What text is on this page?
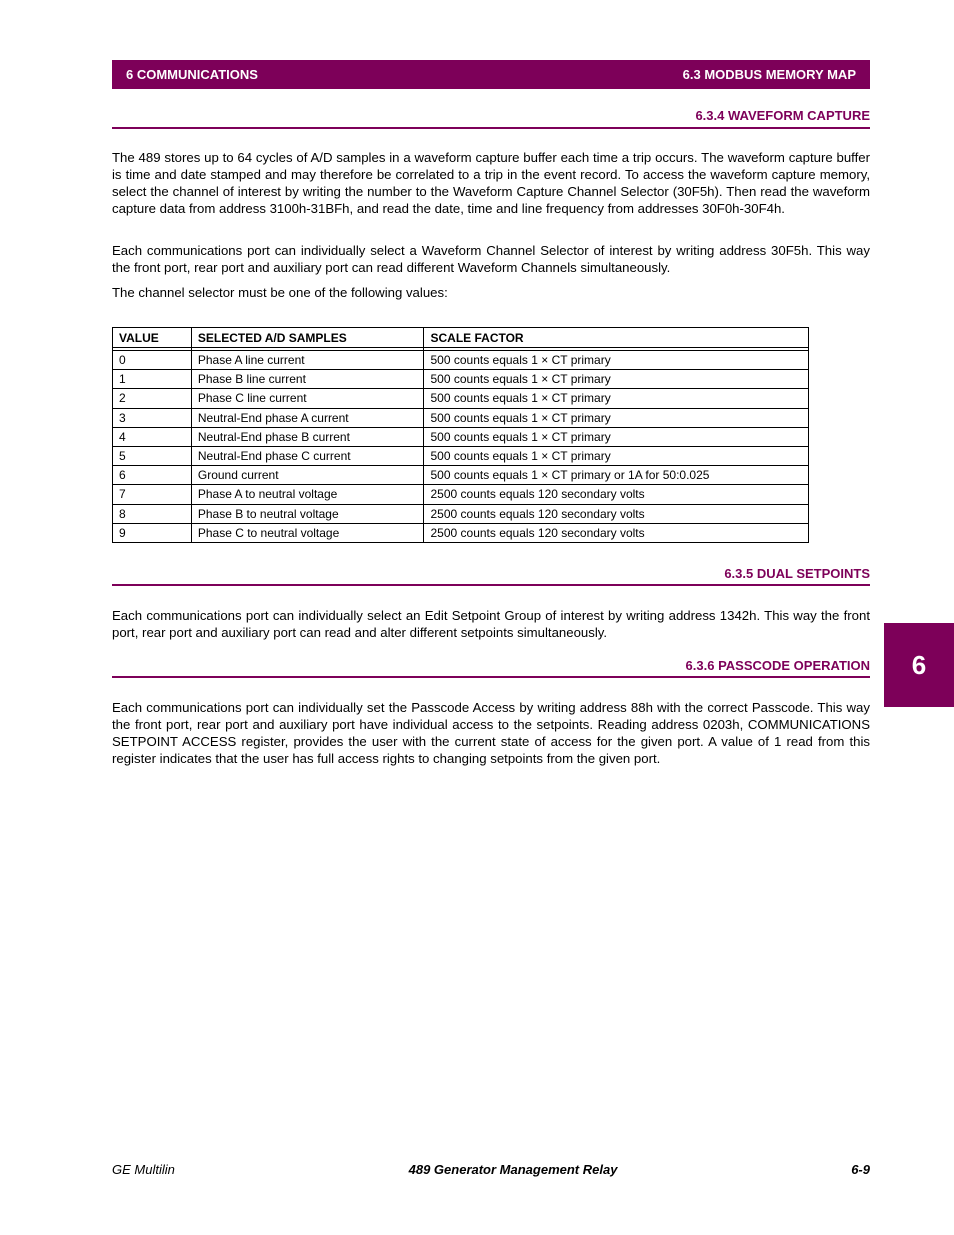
6 COMMUNICATIONS	6.3 MODBUS MEMORY MAP
6.3.4 WAVEFORM CAPTURE

The 489 stores up to 64 cycles of A/D samples in a waveform capture buffer each time a trip occurs. The waveform capture buffer is time and date stamped and may therefore be correlated to a trip in the event record. To access the waveform capture memory, select the channel of interest by writing the number to the Waveform Capture Channel Selector (30F5h). Then read the waveform capture data from address 3100h-31BFh, and read the date, time and line frequency from addresses 30F0h-30F4h.

Each communications port can individually select a Waveform Channel Selector of interest by writing address 30F5h. This way the front port, rear port and auxiliary port can read different Waveform Channels simultaneously.

The channel selector must be one of the following values:

VALUE	SELECTED A/D SAMPLES	SCALE FACTOR

0	Phase A line current	500 counts equals 1 × CT primary
1	Phase B line current	500 counts equals 1 × CT primary
2	Phase C line current	500 counts equals 1 × CT primary
3	Neutral-End phase A current	500 counts equals 1 × CT primary
4	Neutral-End phase B current	500 counts equals 1 × CT primary
5	Neutral-End phase C current	500 counts equals 1 × CT primary
6	Ground current	500 counts equals 1 × CT primary or 1A for 50:0.025
7	Phase A to neutral voltage	2500 counts equals 120 secondary volts
8	Phase B to neutral voltage	2500 counts equals 120 secondary volts
9	Phase C to neutral voltage	2500 counts equals 120 secondary volts
6.3.5 DUAL SETPOINTS

Each communications port can individually select an Edit Setpoint Group of interest by writing address 1342h. This way the front port, rear port and auxiliary port can read and alter different setpoints simultaneously.

6.3.6 PASSCODE OPERATION

Each communications port can individually set the Passcode Access by writing address 88h with the correct Passcode. This way the front port, rear port and auxiliary port have individual access to the setpoints. Reading address 0203h, COMMUNICATIONS SETPOINT ACCESS register, provides the user with the current state of access for the given port. A value of 1 read from this register indicates that the user has full access rights to changing setpoints from the given port.

6
GE Multilin	489 Generator Management Relay	6-9
